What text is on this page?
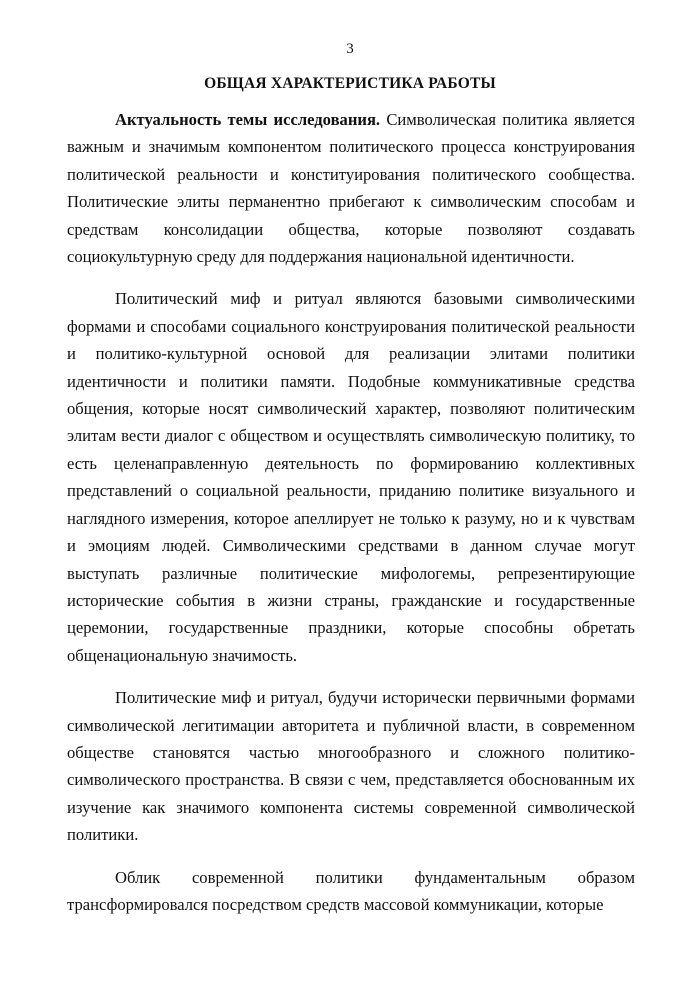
3
ОБЩАЯ ХАРАКТЕРИСТИКА РАБОТЫ

Актуальность темы исследования. Символическая политика является важным и значимым компонентом политического процесса конструирования политической реальности и конституирования политического сообщества. Политические элиты перманентно прибегают к символическим способам и средствам консолидации общества, которые позволяют создавать социокультурную среду для поддержания национальной идентичности.

Политический миф и ритуал являются базовыми символическими формами и способами социального конструирования политической реальности и политико-культурной основой для реализации элитами политики идентичности и политики памяти. Подобные коммуникативные средства общения, которые носят символический характер, позволяют политическим элитам вести диалог с обществом и осуществлять символическую политику, то есть целенаправленную деятельность по формированию коллективных представлений о социальной реальности, приданию политике визуального и наглядного измерения, которое апеллирует не только к разуму, но и к чувствам и эмоциям людей. Символическими средствами в данном случае могут выступать различные политические мифологемы, репрезентирующие исторические события в жизни страны, гражданские и государственные церемонии, государственные праздники, которые способны обретать общенациональную значимость.

Политические миф и ритуал, будучи исторически первичными формами символической легитимации авторитета и публичной власти, в современном обществе становятся частью многообразного и сложного политико-символического пространства. В связи с чем, представляется обоснованным их изучение как значимого компонента системы современной символической политики.

Облик современной политики фундаментальным образом трансформировался посредством средств массовой коммуникации, которые
